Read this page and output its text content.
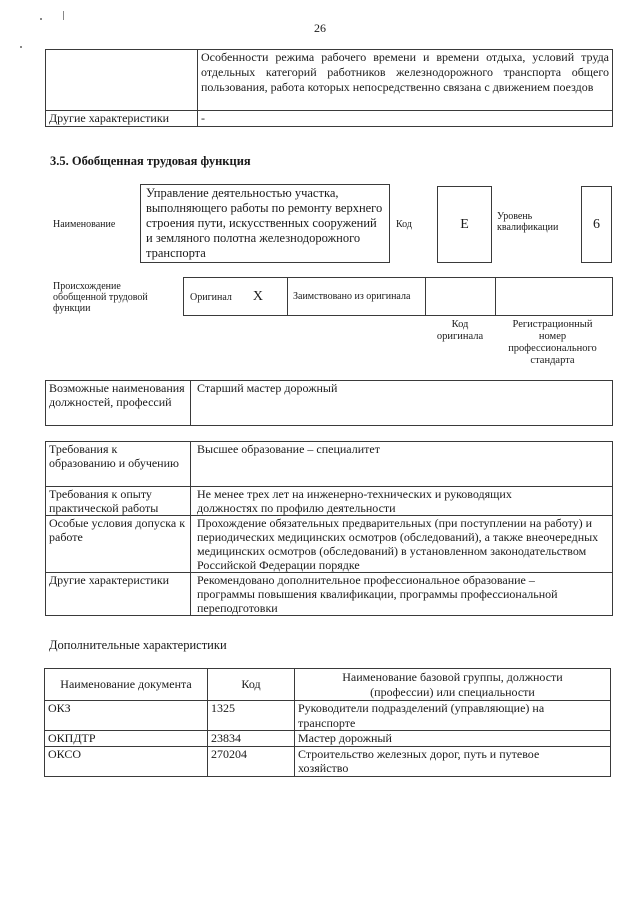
26
	Особенности режима рабочего времени и времени отдыха, условий труда отдельных категорий работников железнодорожного транспорта общего пользования, работа которых непосредственно связана с движением поездов
Другие характеристики	-
3.5. Обобщенная трудовая функция
Наименование
Управление деятельностью участка, выполняющего работы по ремонту верхнего строения пути, искусственных сооружений и земляного полотна железнодорожного транспорта
Код	E	Уровень квалификации	6
Происхождение обобщенной трудовой функции
Оригинал X	Заимствовано из оригинала		
Код оригинала
Регистрационный номер профессионального стандарта
Возможные наименования должностей, профессий	Старший мастер дорожный
Требования к образованию и обучению	Высшее образование – специалитет
Требования к опыту практической работы	Не менее трех лет на инженерно-технических и руководящих должностях по профилю деятельности
Особые условия допуска к работе	Прохождение обязательных предварительных (при поступлении на работу) и периодических медицинских осмотров (обследований), а также внеочередных медицинских осмотров (обследований) в установленном законодательством Российской Федерации порядке
Другие характеристики	Рекомендовано дополнительное профессиональное образование – программы повышения квалификации, программы профессиональной переподготовки
Дополнительные характеристики
Наименование документа	Код	Наименование базовой группы, должности (профессии) или специальности
ОКЗ	1325	Руководители подразделений (управляющие) на транспорте
ОКПДТР	23834	Мастер дорожный
ОКСО	270204	Строительство железных дорог, путь и путевое хозяйство
